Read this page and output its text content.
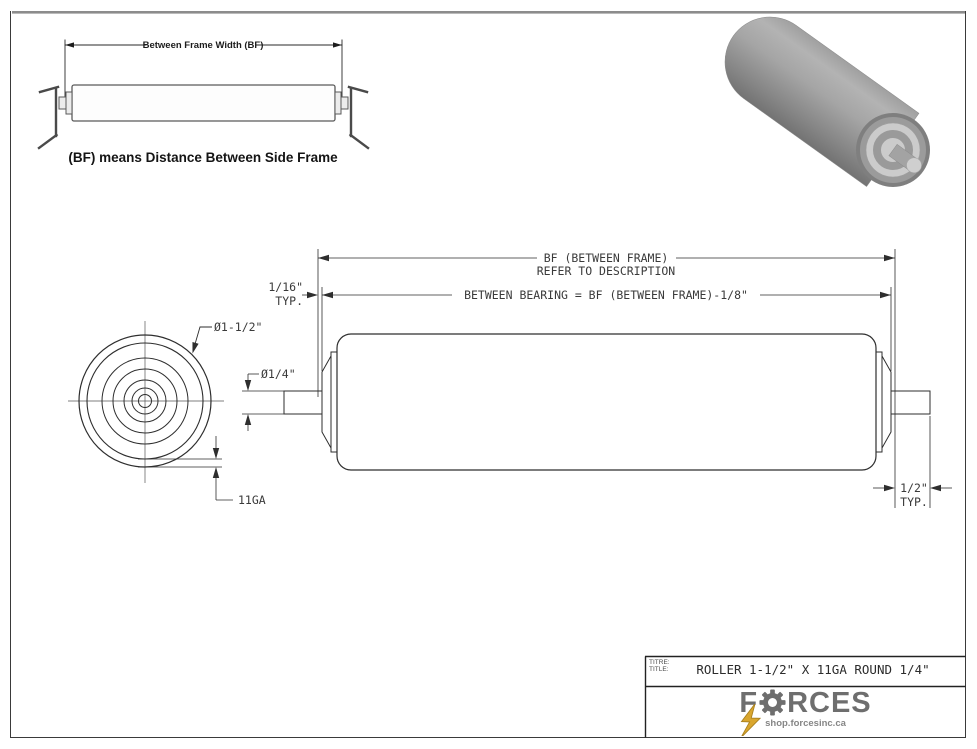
Between Frame Width (BF)
(BF) means Distance Between Side Frame
Ø1-1/2"
11GA
BF (BETWEEN FRAME)
REFER TO DESCRIPTION
BETWEEN BEARING = BF (BETWEEN FRAME)-1/8"
1/16"
TYP.
Ø1/4"
1/2"
TYP.
TITRE:
TITLE:	ROLLER 1-1/2" X 11GA ROUND 1/4"
F RCES
shop.forcesinc.ca
